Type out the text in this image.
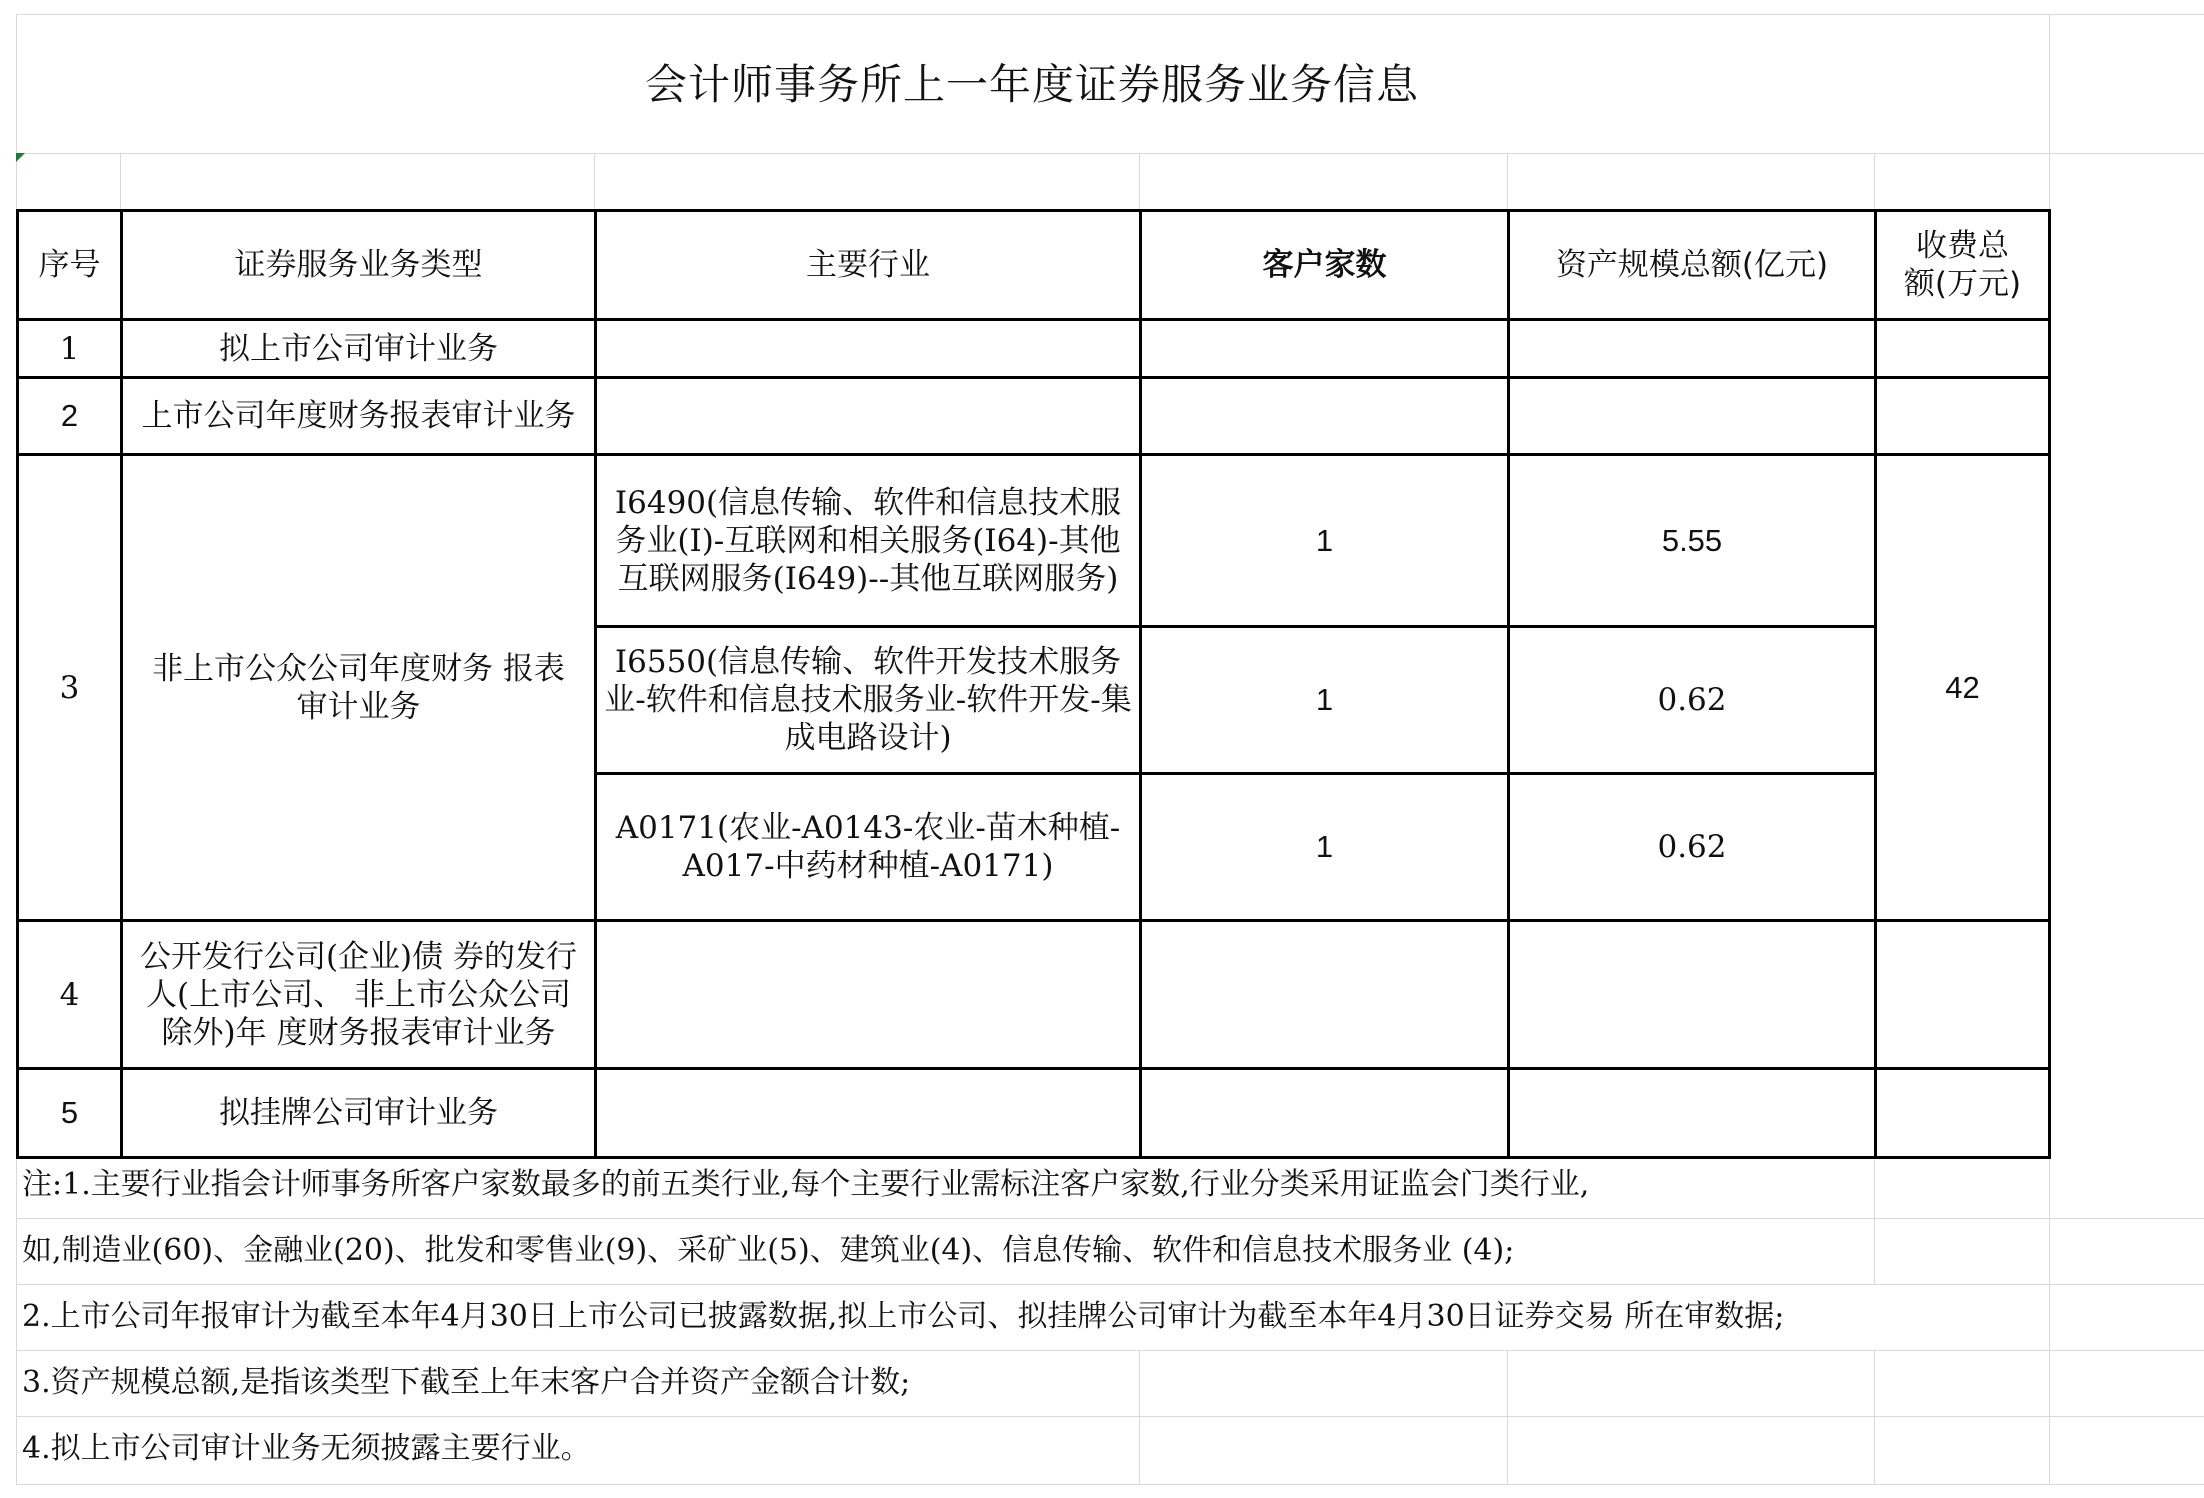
会计师事务所上一年度证券服务业务信息
序号	证券服务业务类型	主要行业	客户家数	资产规模总额(亿元)	收费总额(万元)
1	拟上市公司审计业务				
2	上市公司年度财务报表审计业务				
3	非上市公众公司年度财务 报表审计业务	I6490(信息传输、软件和信息技术服务业(I)-互联网和相关服务(I64)-其他互联网服务(I649)--其他互联网服务)	1	5.55	42
		I6550(信息传输、软件开发技术服务业-软件和信息技术服务业-软件开发-集成电路设计)	1	0.62	
		A0171(农业-A0143-农业-苗木种植-A017-中药材种植-A0171)	1	0.62	
4	公开发行公司(企业)债 券的发行人(上市公司、 非上市公众公司除外)年 度财务报表审计业务				
5	拟挂牌公司审计业务				
注:1.主要行业指会计师事务所客户家数最多的前五类行业,每个主要行业需标注客户家数,行业分类采用证监会门类行业,
如,制造业(60)、金融业(20)、批发和零售业(9)、采矿业(5)、建筑业(4)、信息传输、软件和信息技术服务业 (4);
2.上市公司年报审计为截至本年4月30日上市公司已披露数据,拟上市公司、拟挂牌公司审计为截至本年4月30日证券交易 所在审数据;
3.资产规模总额,是指该类型下截至上年末客户合并资产金额合计数;
4.拟上市公司审计业务无须披露主要行业。
